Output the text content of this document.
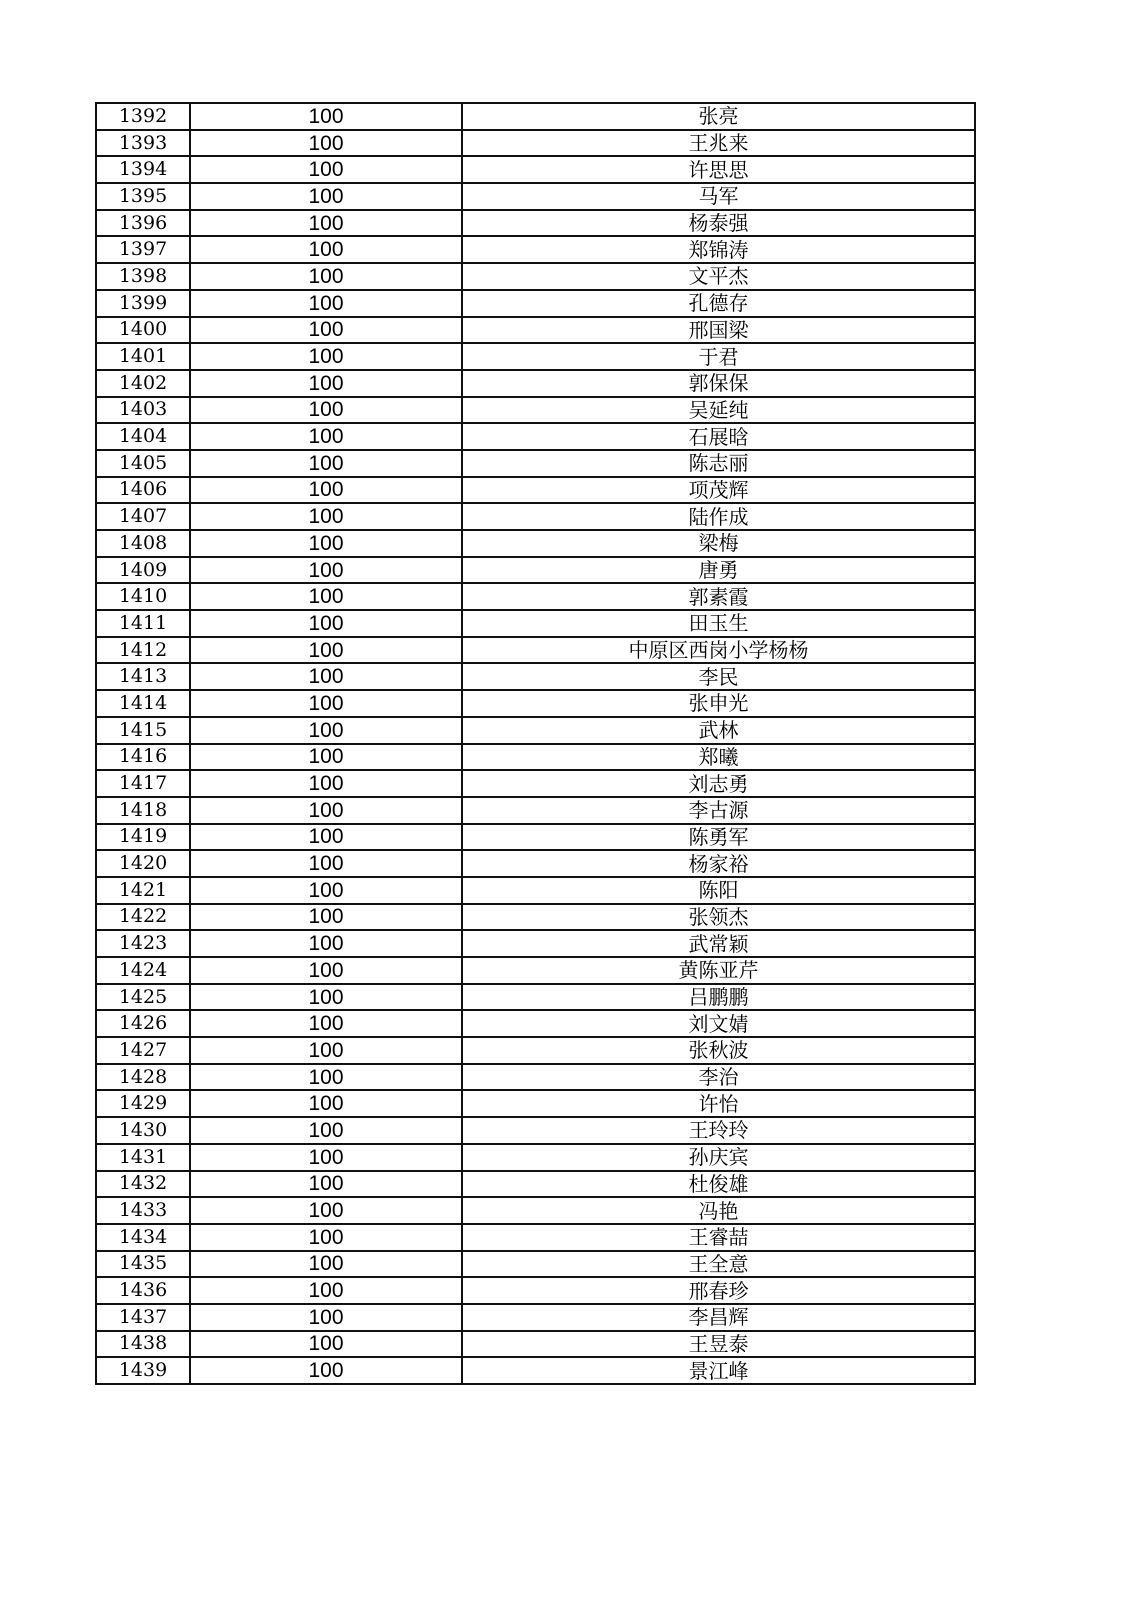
1392	100	张亮
1393	100	王兆来
1394	100	许思思
1395	100	马军
1396	100	杨泰强
1397	100	郑锦涛
1398	100	文平杰
1399	100	孔德存
1400	100	邢国梁
1401	100	于君
1402	100	郭保保
1403	100	吴延纯
1404	100	石展晗
1405	100	陈志丽
1406	100	项茂辉
1407	100	陆作成
1408	100	梁梅
1409	100	唐勇
1410	100	郭素霞
1411	100	田玉生
1412	100	中原区西岗小学杨杨
1413	100	李民
1414	100	张申光
1415	100	武林
1416	100	郑曦
1417	100	刘志勇
1418	100	李古源
1419	100	陈勇军
1420	100	杨家裕
1421	100	陈阳
1422	100	张领杰
1423	100	武常颖
1424	100	黄陈亚芹
1425	100	吕鹏鹏
1426	100	刘文婧
1427	100	张秋波
1428	100	李治
1429	100	许怡
1430	100	王玲玲
1431	100	孙庆宾
1432	100	杜俊雄
1433	100	冯艳
1434	100	王睿喆
1435	100	王全意
1436	100	邢春珍
1437	100	李昌辉
1438	100	王昱泰
1439	100	景江峰
